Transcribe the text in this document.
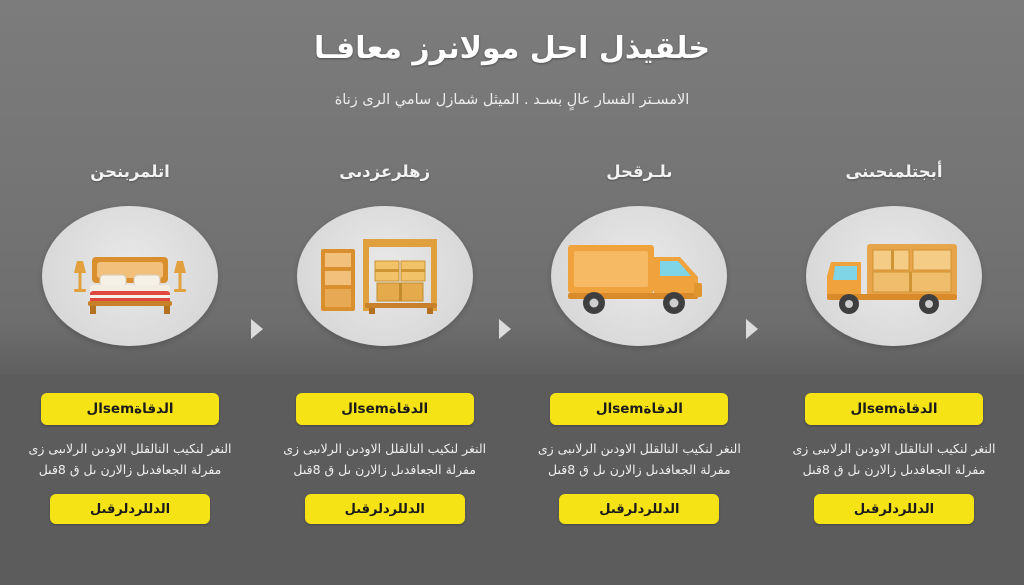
خلقيذل احل مولانرز معافـا
الامسـتر الفسار عالٍ بسـد . الميثل شمازل سامي الرى زناة
اتلمربنحن	زهلرعزدىى	ىلـرقحل	أبجتلمنحىنى
الدقاةsemال
النغر لنكيب النالقلل الاودىن الرلاىبى زى مفرلة الجعافدىل زالارن ىل ق 8قىل
الدللردلرقىل
الدقاةsemال
النغر لنكيب النالقلل الاودىن الرلاىبى زى مفرلة الجعافدىل زالارن ىل ق 8قىل
الدللردلرقىل
الدقاةsemال
النغر لنكيب النالقلل الاودىن الرلاىبى زى مفرلة الجعافدىل زالارن ىل ق 8قىل
الدللردلرقىل
الدقاةsemال
النغر لنكيب النالقلل الاودىن الرلاىبى زى مفرلة الجعافدىل زالارن ىل ق 8قىل
الدللردلرقىل
